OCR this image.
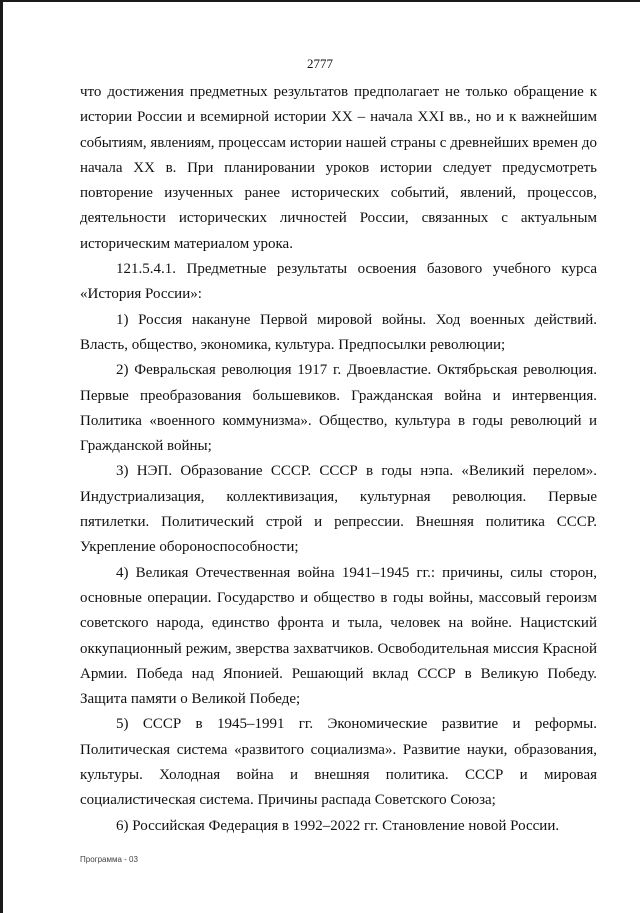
2777

что достижения предметных результатов предполагает не только обращение к истории России и всемирной истории XX – начала XXI вв., но и к важнейшим событиям, явлениям, процессам истории нашей страны с древнейших времен до начала XX в. При планировании уроков истории следует предусмотреть повторение изученных ранее исторических событий, явлений, процессов, деятельности исторических личностей России, связанных с актуальным историческим материалом урока.

121.5.4.1. Предметные результаты освоения базового учебного курса «История России»:

1) Россия накануне Первой мировой войны. Ход военных действий. Власть, общество, экономика, культура. Предпосылки революции;

2) Февральская революция 1917 г. Двоевластие. Октябрьская революция. Первые преобразования большевиков. Гражданская война и интервенция. Политика «военного коммунизма». Общество, культура в годы революций и Гражданской войны;

3) НЭП. Образование СССР. СССР в годы нэпа. «Великий перелом». Индустриализация, коллективизация, культурная революция. Первые пятилетки. Политический строй и репрессии. Внешняя политика СССР. Укрепление обороноспособности;

4) Великая Отечественная война 1941–1945 гг.: причины, силы сторон, основные операции. Государство и общество в годы войны, массовый героизм советского народа, единство фронта и тыла, человек на войне. Нацистский оккупационный режим, зверства захватчиков. Освободительная миссия Красной Армии. Победа над Японией. Решающий вклад СССР в Великую Победу. Защита памяти о Великой Победе;

5) СССР в 1945–1991 гг. Экономические развитие и реформы. Политическая система «развитого социализма». Развитие науки, образования, культуры. Холодная война и внешняя политика. СССР и мировая социалистическая система. Причины распада Советского Союза;

6) Российская Федерация в 1992–2022 гг. Становление новой России.

Программа - 03
